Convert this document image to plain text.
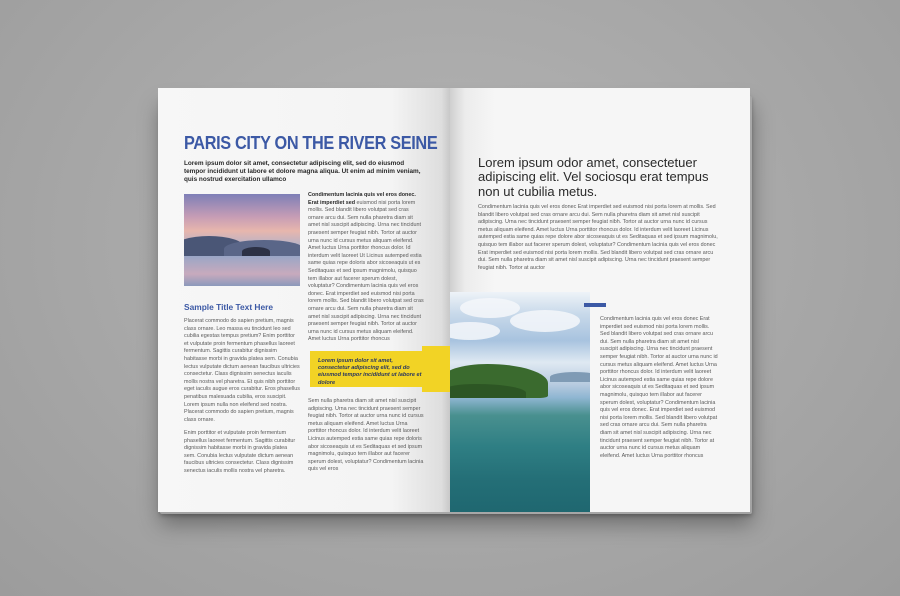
PARIS CITY ON THE RIVER SEINE
Lorem ipsum dolor sit amet, consectetur adipiscing elit, sed do eiusmod tempor incididunt ut labore et dolore magna aliqua. Ut enim ad minim veniam, quis nostrud exercitation ullamco
Sample Title Text Here
Placerat commodo do sapien pretium, magnis class ornare. Leo massa eu tincidunt leo sed cubilia egestas tempus pretium? Enim porttitor et vulputate proin fermentum phasellus laoreet fermentum. Sagittis curabitur dignissim habitasse morbi in gravida platea sem. Conubia lectus vulputate dictum aenean faucibus ultricies consectetur. Class dignissim senectus iaculis mollis nostra vel pharetra. Et quis nibh porttitor eget iaculis augue eros curabitur. Eros phasellus penatibus malesuada cubilia, eros suscipit. Lorem ipsum nulla non eleifend sed nostra. Placerat commodo do sapien pretium, magnis class ornare.
Enim porttitor et vulputate proin fermentum phasellus laoreet fermentum. Sagittis curabitur dignissim habitasse morbi in gravida platea sem. Conubia lectus vulputate dictum aenean faucibus ultricies consectetur. Class dignissim senectus iaculis mollis nostra vel pharetra.
Condimentum lacinia quis vel eros donec. Erat imperdiet sed euismod nisi porta lorem mollis. Sed blandit libero volutpat sed cras ornare arcu dui. Sem nulla pharetra diam sit amet nisl suscipit adipiscing. Urna nec tincidunt praesent semper feugiat nibh. Tortor at auctor urna nunc id cursus metus aliquam eleifend. Amet luctus Urna porttitor rhoncus dolor. Id interdum velit laoreet Ut Licinus autemped estia same quias repe doloris abor sicoseaquis ut es Seditaquas et sed ipsum magnimolu, quisquo tem illabor aut facerer sperum dolest, voluptatur? Condimentum lacinia quis vel eros donec. Erat imperdiet sed euismod nisi porta lorem mollis. Sed blandit libero volutpat sed cras ornare arcu dui. Sem nulla pharetra diam sit amet nisl suscipit adipiscing. Urna nec tincidunt praesent semper feugiat nibh. Tortor at auctor urna nunc id cursus metus aliquam eleifend. Amet luctus Urna porttitor rhoncus
Lorem ipsum dolor sit amet, consectetur adipiscing elit, sed do eiusmod tempor incididunt ut labore et dolore
Sem nulla pharetra diam sit amet nisl suscipit adipiscing. Urna nec tincidunt praesent semper feugiat nibh. Tortor at auctor urna nunc id cursus metus aliquam eleifend. Amet luctus Urna porttitor rhoncus dolor. Id interdum velit laoreet Licinus autemped estia same quias repe doloris abor sicoseaquis ut es Seditaquas et sed ipsum magnimolu, quisquo tem illabor aut facerer sperum dolest, voluptatur? Condimentum lacinia quis vel eros
Lorem ipsum odor amet, consectetuer adipiscing elit. Vel sociosqu erat tempus non ut cubilia metus.
Condimentum lacinia quis vel eros donec Erat imperdiet sed euismod nisi porta lorem at mollis. Sed blandit libero volutpat sed cras ornare arcu dui. Sem nulla pharetra diam sit amet nisl suscipit adipiscing. Urna nec tincidunt praesent semper feugiat nibh. Tortor at auctor urna nunc id cursus metus aliquam eleifend. Amet luctus Urna porttitor rhoncus dolor. Id interdum velit laoreet Licinus autemped estia same quias repe dolore abor sicoseaquis ut es Seditaquas et sed ipsum magnimolu, quisquo tem illabor aut facerer sperum dolest, voluptatur? Condimentum lacinia quis vel eros donec Erat imperdiet sed euismod nisi porta lorem mollis. Sed blandit libero volutpat sed cras ornare arcu dui. Sem nulla pharetra diam sit amet nisl suscipit adipiscing. Urna nec tincidunt praesent semper feugiat nibh. Tortor at auctor
Condimentum lacinia quis vel eros donec Erat imperdiet sed euismod nisi porta lorem mollis. Sed blandit libero volutpat sed cras ornare arcu dui. Sem nulla pharetra diam sit amet nisl suscipit adipiscing. Urna nec tincidunt praesent semper feugiat nibh. Tortor at auctor urna nunc id cursus metus aliquam eleifend. Amet luctus Urna porttitor rhoncus dolor. Id interdum velit laoreet Licinus autemped estia same quias repe dolore abor sicoseaquis ut es Seditaquas et sed ipsum magnimolu, quisquo tem illabor aut facerer sperum dolest, voluptatur? Condimentum lacinia quis vel eros donec. Erat imperdiet sed euismod nisi porta lorem mollis. Sed blandit libero volutpat sed cras ornare arcu dui. Sem nulla pharetra diam sit amet nisl suscipit adipiscing. Urna nec tincidunt praesent semper feugiat nibh. Tortor at auctor urna nunc id cursus metus aliquam eleifend. Amet luctus Urna porttitor rhoncus
